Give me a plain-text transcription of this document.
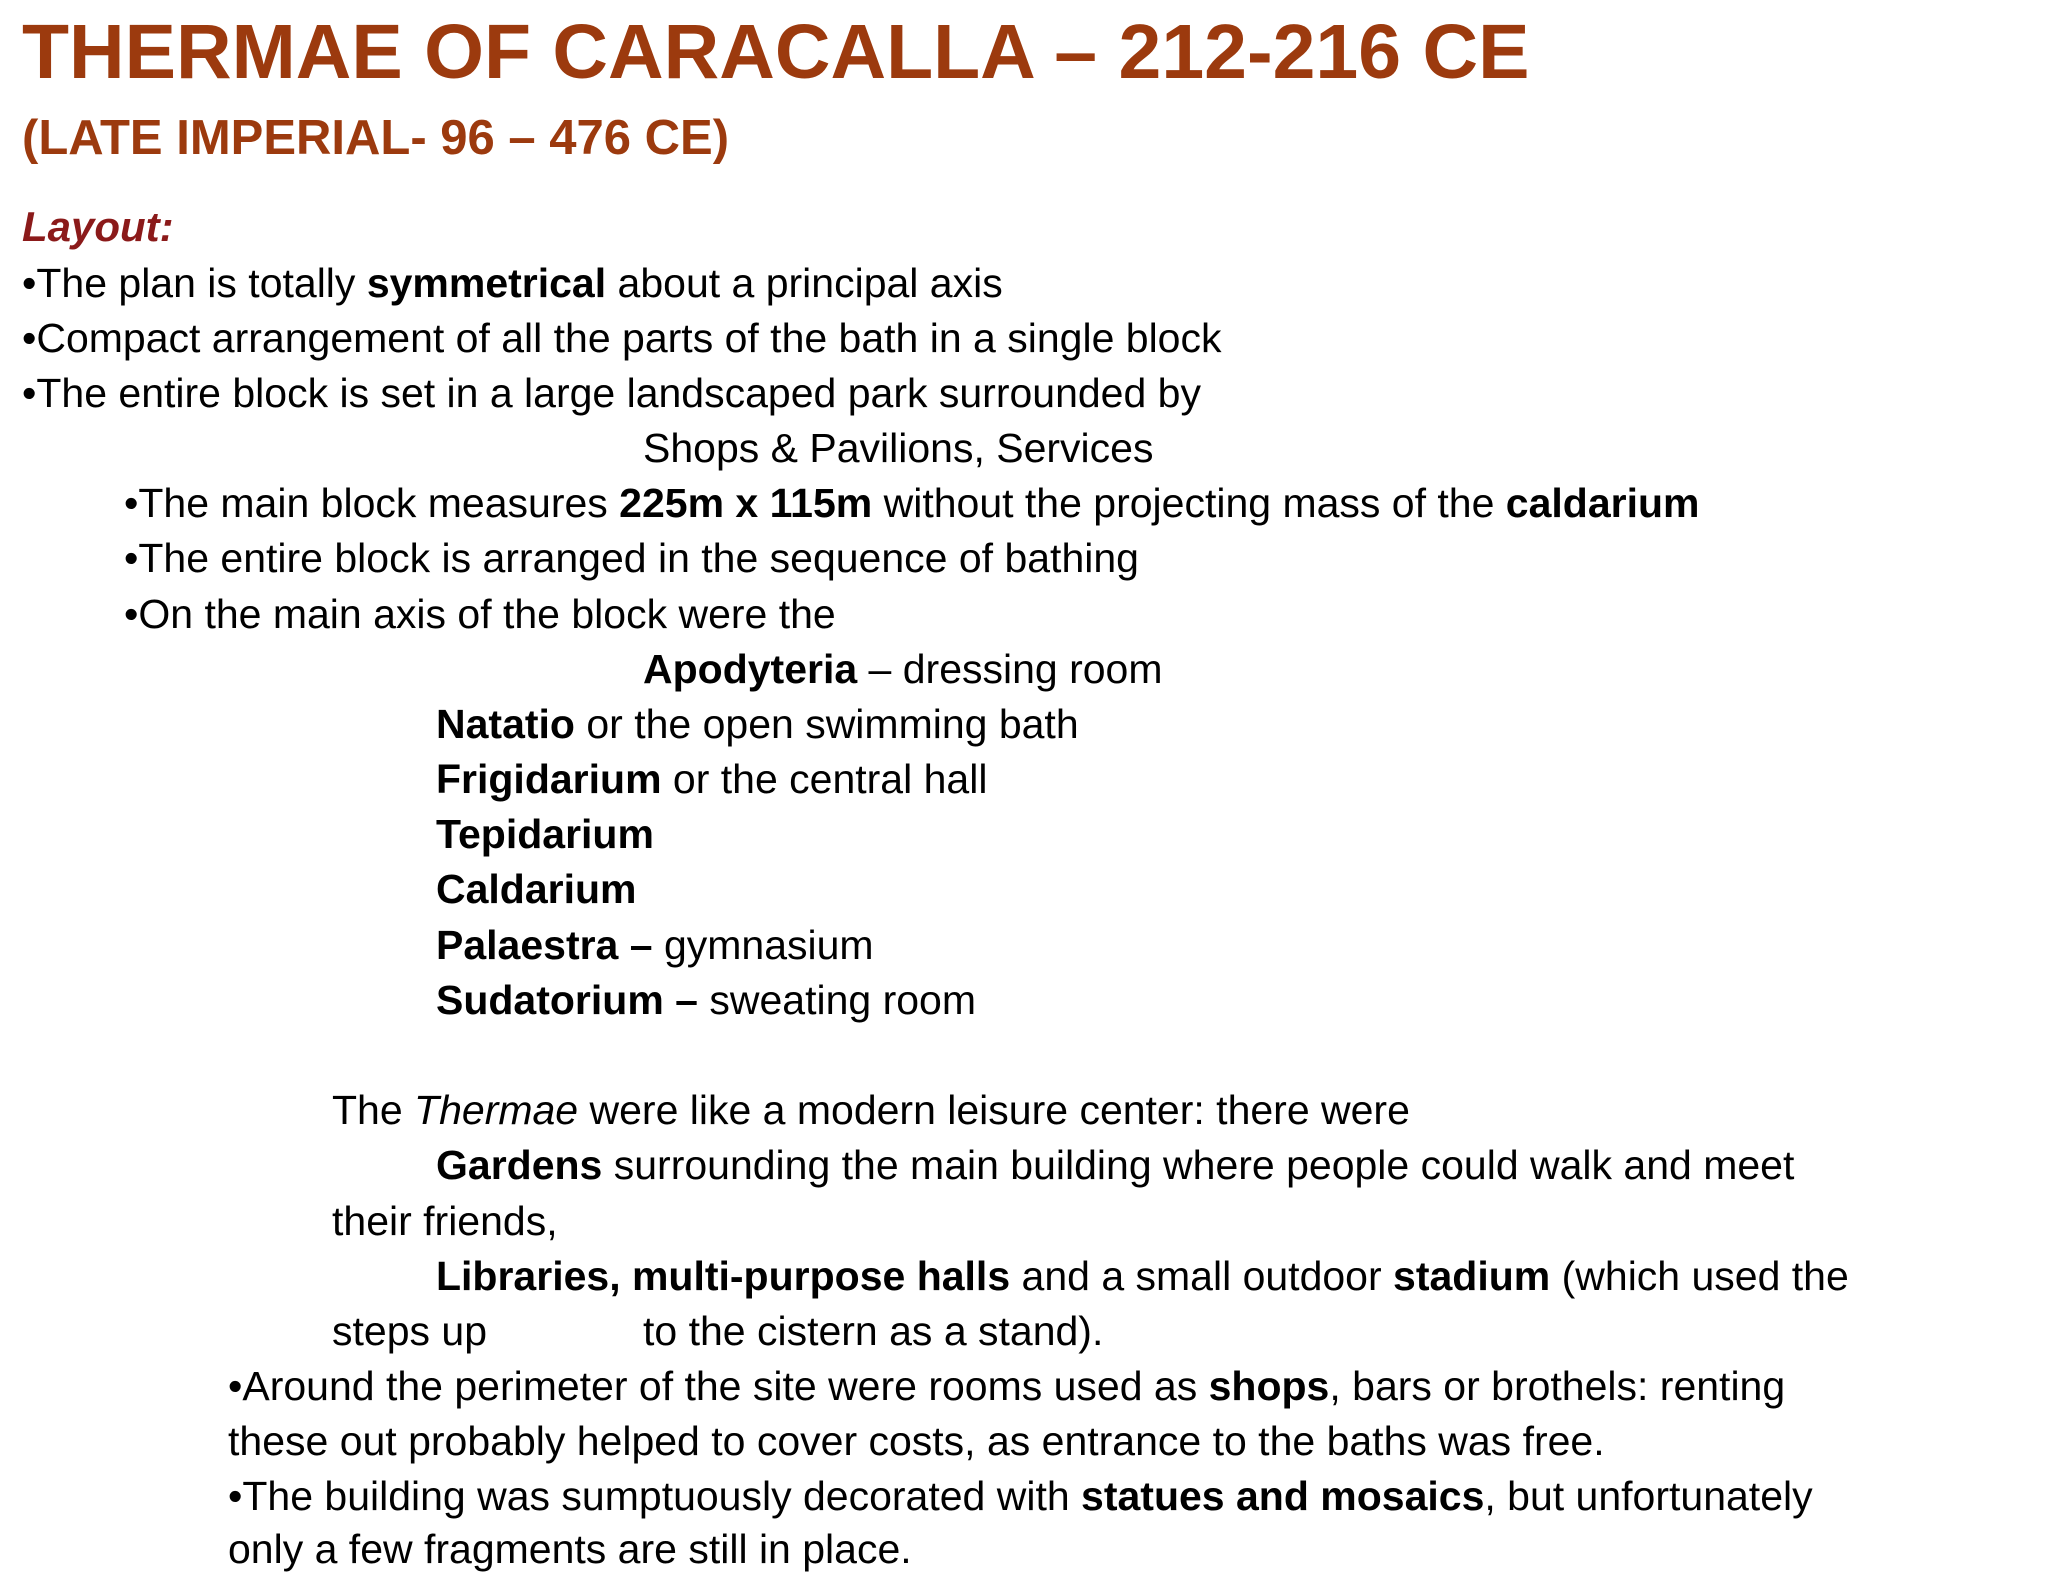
THERMAE OF CARACALLA – 212-216 CE
(LATE IMPERIAL- 96 – 476 CE)
Layout:

•The plan is totally symmetrical about a principal axis

•Compact arrangement of all the parts of the bath in a single block

•The entire block is set in a large landscaped park surrounded by

Shops & Pavilions, Services

•The main block measures 225m x 115m without the projecting mass of the caldarium

•The entire block is arranged in the sequence of bathing

•On the main axis of the block were the

Apodyteria – dressing room

Natatio or the open swimming bath

Frigidarium or the central hall

Tepidarium

Caldarium

Palaestra – gymnasium

Sudatorium – sweating room

The Thermae were like a modern leisure center: there were

Gardens surrounding the main building where people could walk and meet

their friends,

Libraries, multi-purpose halls and a small outdoor stadium (which used the

steps up	to the cistern as a stand).

•Around the perimeter of the site were rooms used as shops, bars or brothels: renting

these out probably helped to cover costs, as entrance to the baths was free.

•The building was sumptuously decorated with statues and mosaics, but unfortunately

only a few fragments are still in place.
